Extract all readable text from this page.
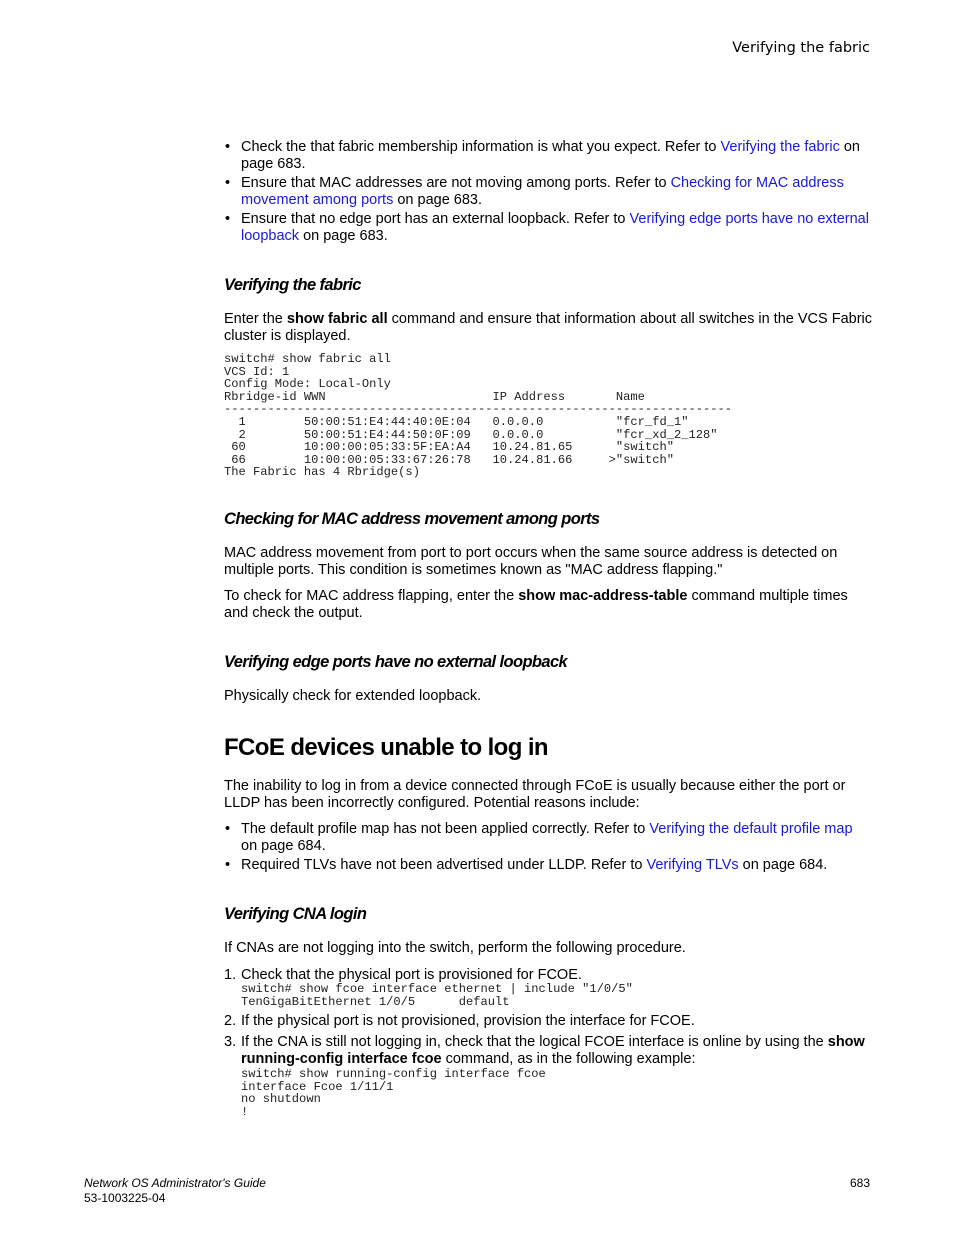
Verifying the fabric

• Check the that fabric membership information is what you expect. Refer to Verifying the fabric on page 683.

• Ensure that MAC addresses are not moving among ports. Refer to Checking for MAC address movement among ports on page 683.

• Ensure that no edge port has an external loopback. Refer to Verifying edge ports have no external loopback on page 683.

Verifying the fabric

Enter the show fabric all command and ensure that information about all switches in the VCS Fabric cluster is displayed.

switch# show fabric all
VCS Id: 1
Config Mode: Local-Only
Rbridge-id WWN                       IP Address       Name
----------------------------------------------------------------------
1        50:00:51:E4:44:40:0E:04   0.0.0.0          "fcr_fd_1"
2        50:00:51:E4:44:50:0F:09   0.0.0.0          "fcr_xd_2_128"
60        10:00:00:05:33:5F:EA:A4   10.24.81.65      "switch"
66        10:00:00:05:33:67:26:78   10.24.81.66     >"switch"
The Fabric has 4 Rbridge(s)
Checking for MAC address movement among ports

MAC address movement from port to port occurs when the same source address is detected on multiple ports. This condition is sometimes known as "MAC address flapping."

To check for MAC address flapping, enter the show mac-address-table command multiple times and check the output.

Verifying edge ports have no external loopback
Physically check for extended loopback.
FCoE devices unable to log in

The inability to log in from a device connected through FCoE is usually because either the port or LLDP has been incorrectly configured. Potential reasons include:

• The default profile map has not been applied correctly. Refer to Verifying the default profile map on page 684.

• Required TLVs have not been advertised under LLDP. Refer to Verifying TLVs on page 684.

Verifying CNA login
If CNAs are not logging into the switch, perform the following procedure.

1. Check that the physical port is provisioned for FCOE.

switch# show fcoe interface ethernet | include "1/0/5"
TenGigaBitEthernet 1/0/5      default

2. If the physical port is not provisioned, provision the interface for FCOE.

3. If the CNA is still not logging in, check that the logical FCOE interface is online by using the show running-config interface fcoe command, as in the following example:

switch# show running-config interface fcoe
interface Fcoe 1/11/1
no shutdown
!
Network OS Administrator's Guide
53-1003225-04
683
